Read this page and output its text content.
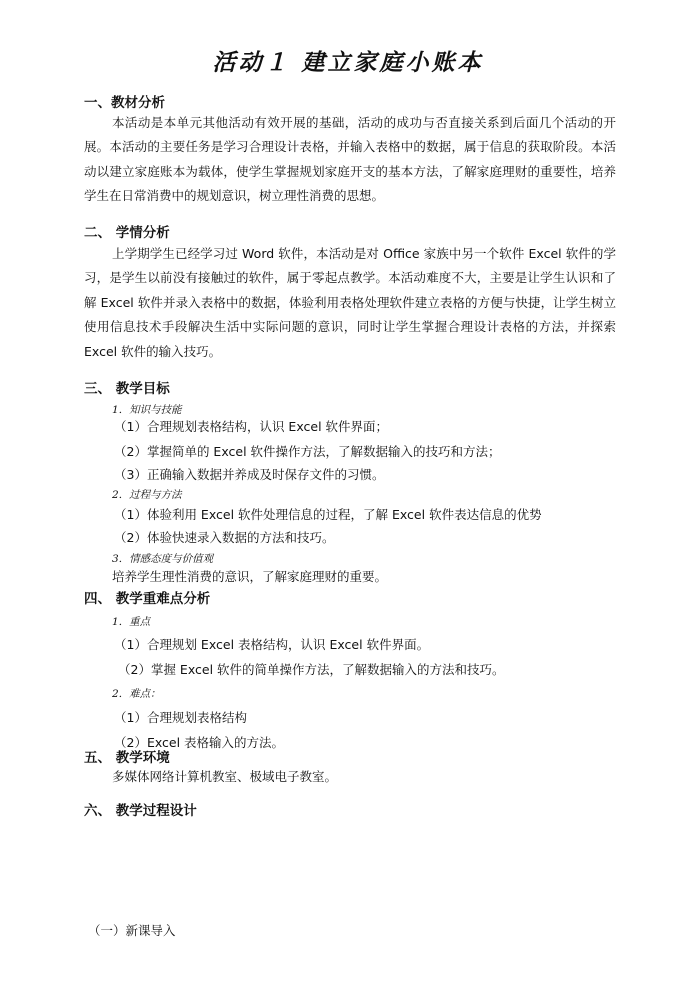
活动１ 建立家庭小账本
一、教材分析
本活动是本单元其他活动有效开展的基础，活动的成功与否直接关系到后面几个活动的开展。本活动的主要任务是学习合理设计表格，并输入表格中的数据，属于信息的获取阶段。本活动以建立家庭账本为载体，使学生掌握规划家庭开支的基本方法，了解家庭理财的重要性，培养学生在日常消费中的规划意识，树立理性消费的思想。
二、 学情分析
上学期学生已经学习过 Word 软件，本活动是对 Office 家族中另一个软件 Excel 软件的学习，是学生以前没有接触过的软件，属于零起点教学。本活动难度不大，主要是让学生认识和了解 Excel 软件并录入表格中的数据，体验利用表格处理软件建立表格的方便与快捷，让学生树立使用信息技术手段解决生活中实际问题的意识，同时让学生掌握合理设计表格的方法，并探索 Excel 软件的输入技巧。
三、 教学目标
1．知识与技能
（1）合理规划表格结构，认识 Excel 软件界面；
（2）掌握简单的 Excel 软件操作方法，了解数据输入的技巧和方法；
（3）正确输入数据并养成及时保存文件的习惯。
2．过程与方法
（1）体验利用 Excel 软件处理信息的过程，了解 Excel 软件表达信息的优势
（2）体验快速录入数据的方法和技巧。
3．情感态度与价值观
培养学生理性消费的意识，了解家庭理财的重要。
四、 教学重难点分析
1．重点
（1）合理规划 Excel 表格结构，认识 Excel 软件界面。
（2）掌握 Excel 软件的简单操作方法，了解数据输入的方法和技巧。
2．难点：
（1）合理规划表格结构
（2）Excel 表格输入的方法。
五、 教学环境
多媒体网络计算机教室、极域电子教室。
六、 教学过程设计
（一）新课导入
